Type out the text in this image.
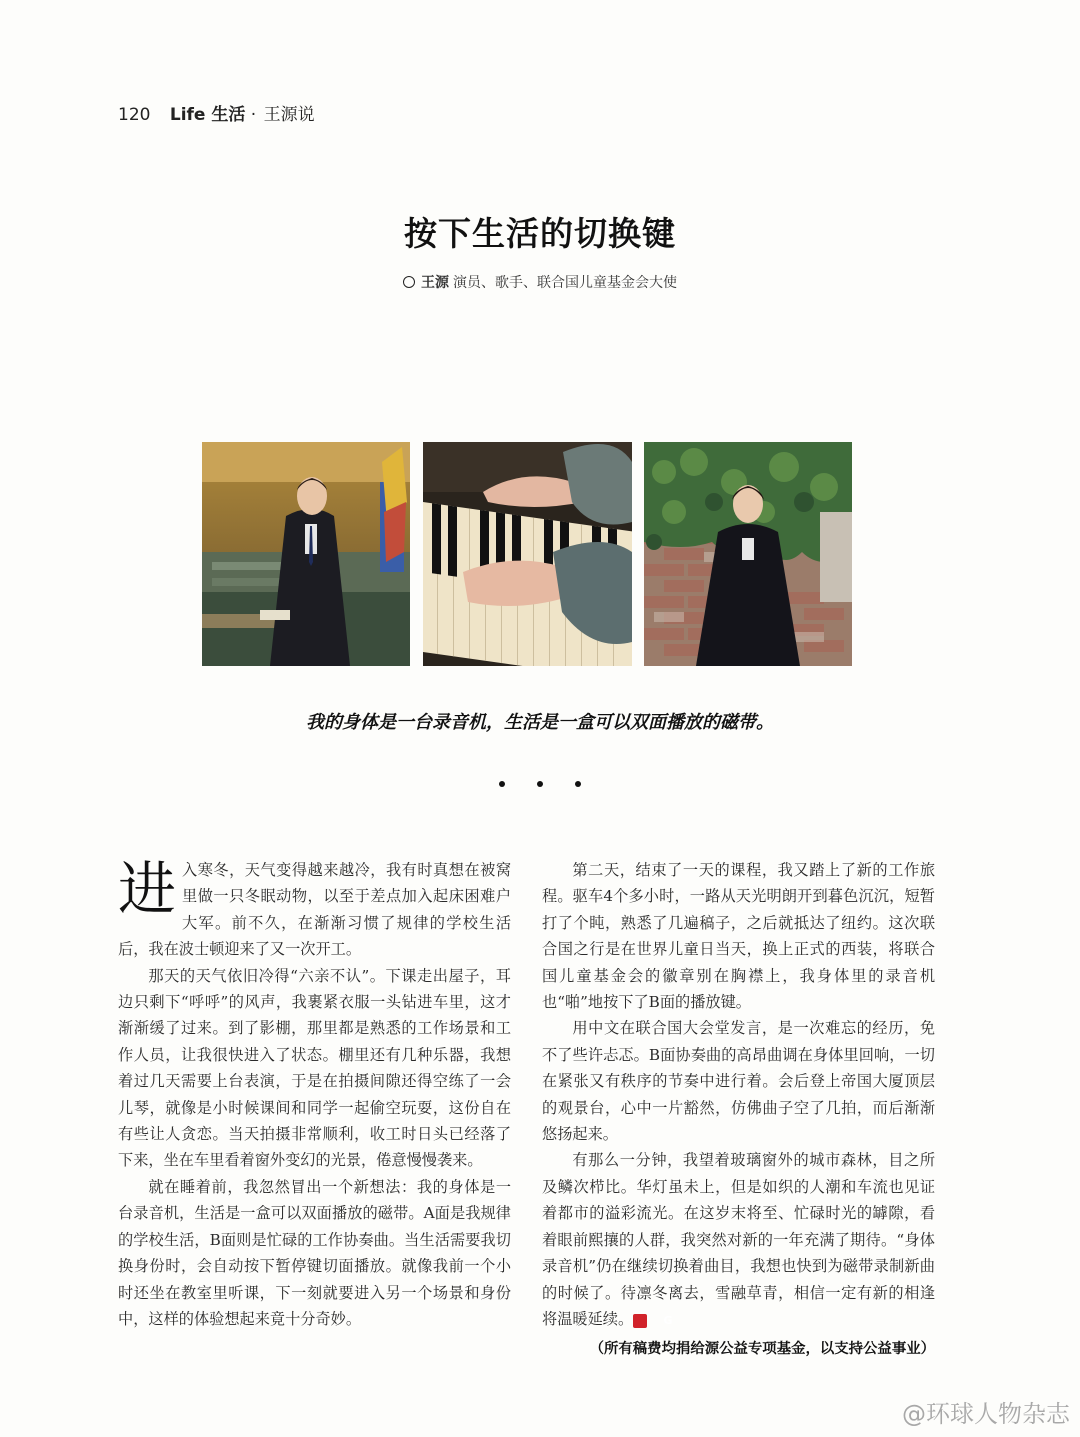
120 Life 生活 · 王源说
按下生活的切换键
王源 演员、歌手、联合国儿童基金会大使
我的身体是一台录音机，生活是一盒可以双面播放的磁带。

进入寒冬，天气变得越来越冷，我有时真想在被窝里做一只冬眠动物，以至于差点加入起床困难户大军。前不久，在渐渐习惯了规律的学校生活后，我在波士顿迎来了又一次开工。

那天的天气依旧冷得“六亲不认”。下课走出屋子，耳边只剩下“呼呼”的风声，我裹紧衣服一头钻进车里，这才渐渐缓了过来。到了影棚，那里都是熟悉的工作场景和工作人员，让我很快进入了状态。棚里还有几种乐器，我想着过几天需要上台表演，于是在拍摄间隙还得空练了一会儿琴，就像是小时候课间和同学一起偷空玩耍，这份自在有些让人贪恋。当天拍摄非常顺利，收工时日头已经落了下来，坐在车里看着窗外变幻的光景，倦意慢慢袭来。

就在睡着前，我忽然冒出一个新想法：我的身体是一台录音机，生活是一盒可以双面播放的磁带。A面是我规律的学校生活，B面则是忙碌的工作协奏曲。当生活需要我切换身份时，会自动按下暂停键切面播放。就像我前一个小时还坐在教室里听课，下一刻就要进入另一个场景和身份中，这样的体验想起来竟十分奇妙。

第二天，结束了一天的课程，我又踏上了新的工作旅程。驱车4个多小时，一路从天光明朗开到暮色沉沉，短暂打了个盹，熟悉了几遍稿子，之后就抵达了纽约。这次联合国之行是在世界儿童日当天，换上正式的西装，将联合国儿童基金会的徽章别在胸襟上，我身体里的录音机也“啪”地按下了B面的播放键。

用中文在联合国大会堂发言，是一次难忘的经历，免不了些许忐忑。B面协奏曲的高昂曲调在身体里回响，一切在紧张又有秩序的节奏中进行着。会后登上帝国大厦顶层的观景台，心中一片豁然，仿佛曲子空了几拍，而后渐渐悠扬起来。

有那么一分钟，我望着玻璃窗外的城市森林，目之所及鳞次栉比。华灯虽未上，但是如织的人潮和车流也见证着都市的溢彩流光。在这岁末将至、忙碌时光的罅隙，看着眼前熙攘的人群，我突然对新的一年充满了期待。“身体录音机”仍在继续切换着曲目，我想也快到为磁带录制新曲的时候了。待凛冬离去，雪融草青，相信一定有新的相逢将温暖延续。	G

（所有稿费均捐给源公益专项基金，以支持公益事业）
@环球人物杂志
